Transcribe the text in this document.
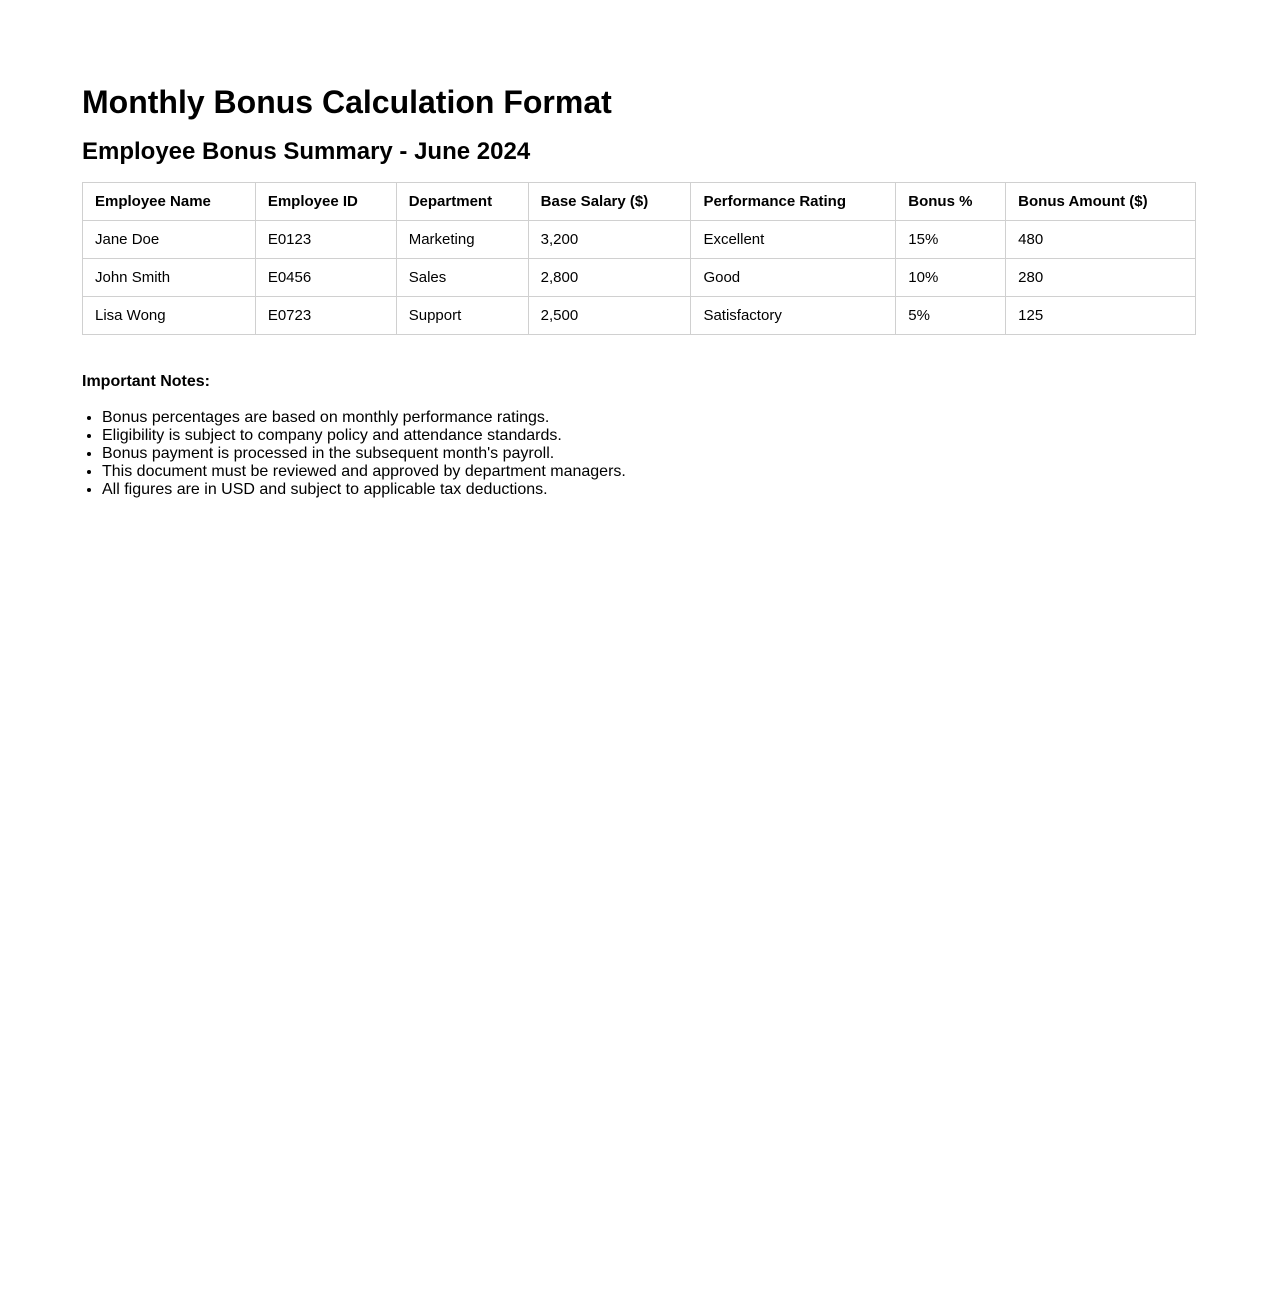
Monthly Bonus Calculation Format
Employee Bonus Summary - June 2024
Employee Name	Employee ID	Department	Base Salary ($)	Performance Rating	Bonus %	Bonus Amount ($)
Jane Doe	E0123	Marketing	3,200	Excellent	15%	480
John Smith	E0456	Sales	2,800	Good	10%	280
Lisa Wong	E0723	Support	2,500	Satisfactory	5%	125
Important Notes:
• Bonus percentages are based on monthly performance ratings.
• Eligibility is subject to company policy and attendance standards.
• Bonus payment is processed in the subsequent month's payroll.
• This document must be reviewed and approved by department managers.
• All figures are in USD and subject to applicable tax deductions.
